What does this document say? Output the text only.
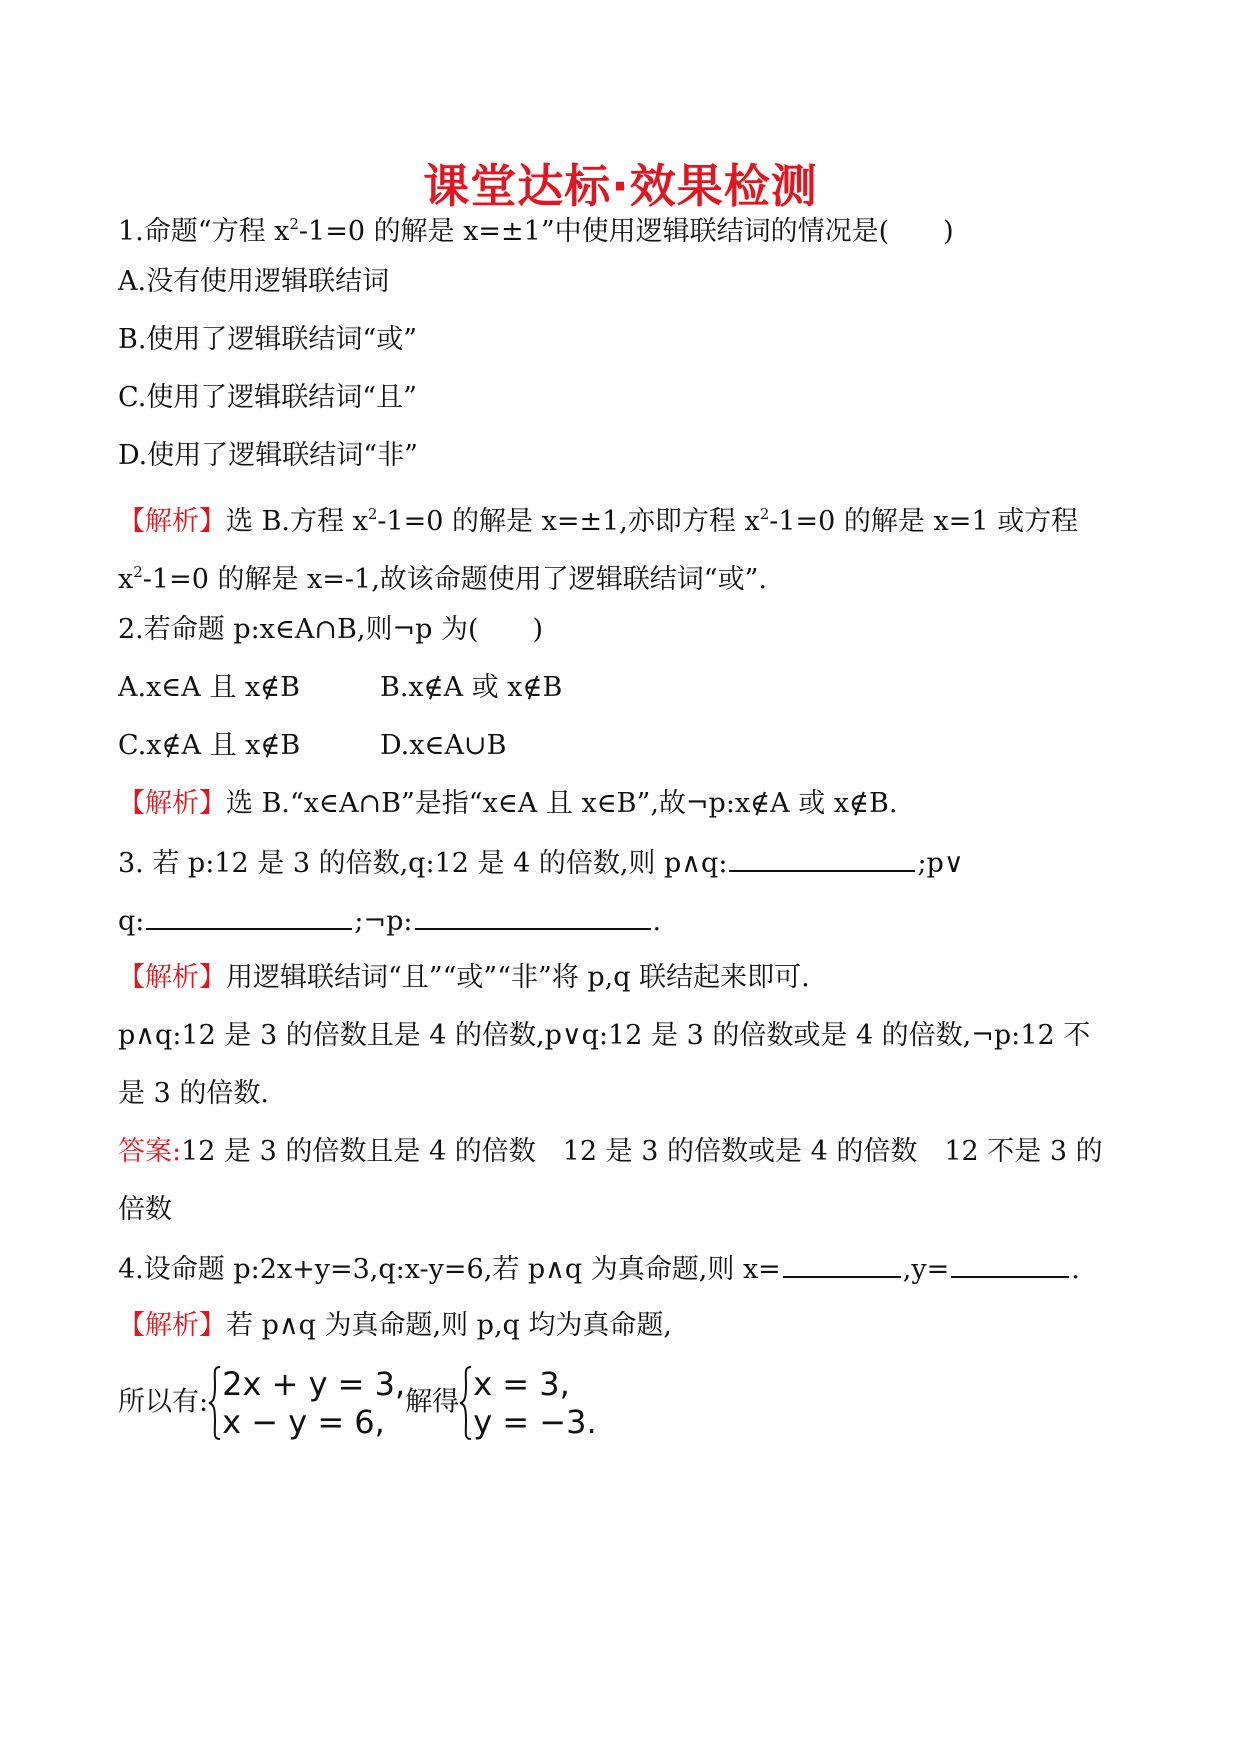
课堂达标·效果检测
1.命题“方程 $x^2-1=0$ 的解是 x=±1”中使用逻辑联结词的情况是(　　)
A.没有使用逻辑联结词
B.使用了逻辑联结词“或”
C.使用了逻辑联结词“且”
D.使用了逻辑联结词“非”
【解析】选 B.方程 $x^2-1=0$ 的解是 x=±1,亦即方程 $x^2-1=0$ 的解是 x=1 或方程
$x^2-1=0$ 的解是 x=-1,故该命题使用了逻辑联结词“或”.
2.若命题 p:x∈A∩B,则¬p 为(　　)
A.x∈A 且 x∉B	B.x∉A 或 x∉B
C.x∉A 且 x∉B	D.x∈A∪B
【解析】选 B.“x∈A∩B”是指“x∈A 且 x∈B”,故¬p:x∉A 或 x∉B.
3. 若 p:12 是 3 的倍数,q:12 是 4 的倍数,则 p∧q:	;p∨
q:	;¬p:	.
【解析】用逻辑联结词“且”“或”“非”将 p,q 联结起来即可.
p∧q:12 是 3 的倍数且是 4 的倍数,p∨q:12 是 3 的倍数或是 4 的倍数,¬p:12 不
是 3 的倍数.
答案:12 是 3 的倍数且是 4 的倍数　12 是 3 的倍数或是 4 的倍数　12 不是 3 的
倍数
4.设命题 p:2x+y=3,q:x-y=6,若 p∧q 为真命题,则 x=	,y=	.
【解析】若 p∧q 为真命题,则 p,q 均为真命题,
所以有: 2x + y = 3,
x − y = 6,
解得 x = 3,
y = −3.
